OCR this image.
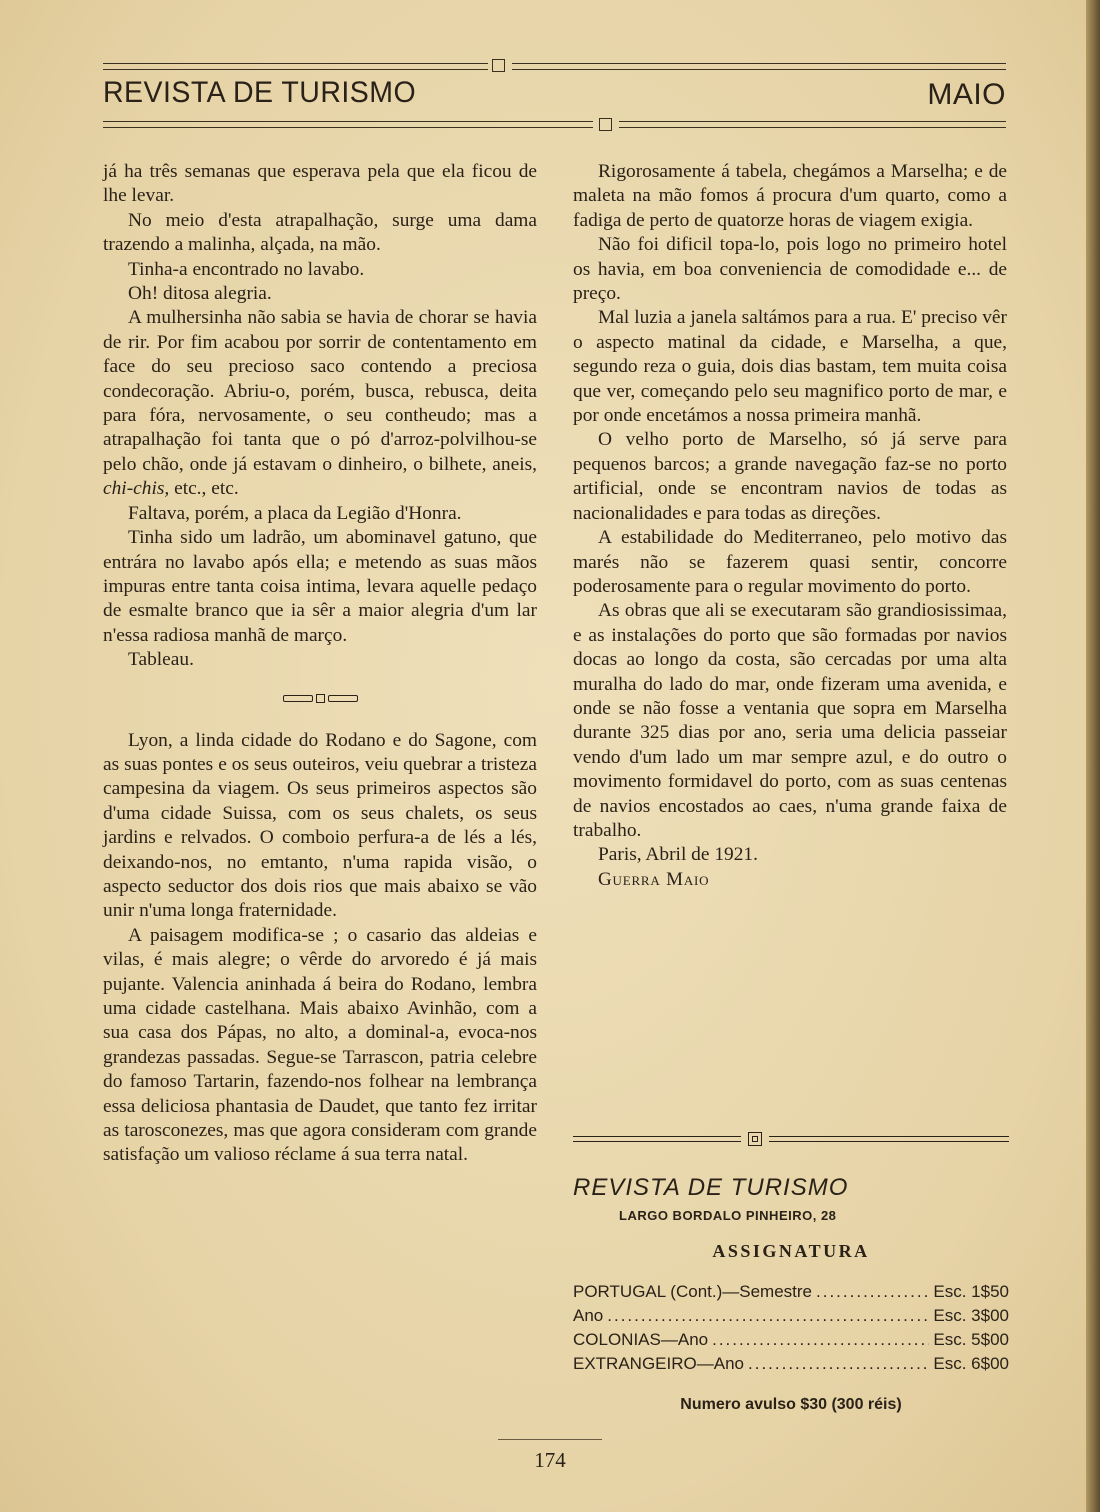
REVISTA DE TURISMO	MAIO

já ha três semanas que esperava pela que ela ficou de lhe levar.

No meio d'esta atrapalhação, surge uma dama trazendo a malinha, alçada, na mão.

Tinha-a encontrado no lavabo.

Oh! ditosa alegria.

A mulhersinha não sabia se havia de chorar se havia de rir. Por fim acabou por sorrir de contentamento em face do seu precioso saco contendo a preciosa condecoração. Abriu-o, porém, busca, rebusca, deita para fóra, nervosamente, o seu contheudo; mas a atrapalhação foi tanta que o pó d'arroz-polvilhou-se pelo chão, onde já estavam o dinheiro, o bilhete, aneis, chi-chis, etc., etc.

Faltava, porém, a placa da Legião d'Honra.

Tinha sido um ladrão, um abominavel gatuno, que entrára no lavabo após ella; e metendo as suas mãos impuras entre tanta coisa intima, levara aquelle pedaço de esmalte branco que ia sêr a maior alegria d'um lar n'essa radiosa manhã de março.

Tableau.

Lyon, a linda cidade do Rodano e do Sagone, com as suas pontes e os seus outeiros, veiu quebrar a tristeza campesina da viagem. Os seus primeiros aspectos são d'uma cidade Suissa, com os seus chalets, os seus jardins e relvados. O comboio perfura-a de lés a lés, deixando-nos, no emtanto, n'uma rapida visão, o aspecto seductor dos dois rios que mais abaixo se vão unir n'uma longa fraternidade.

A paisagem modifica-se ; o casario das aldeias e vilas, é mais alegre; o vêrde do arvoredo é já mais pujante. Valencia aninhada á beira do Rodano, lembra uma cidade castelhana. Mais abaixo Avinhão, com a sua casa dos Pápas, no alto, a dominal-a, evoca-nos grandezas passadas. Segue-se Tarrascon, patria celebre do famoso Tartarin, fazendo-nos folhear na lembrança essa deliciosa phantasia de Daudet, que tanto fez irritar as tarosconezes, mas que agora consideram com grande satisfação um valioso réclame á sua terra natal.

Rigorosamente á tabela, chegámos a Marselha; e de maleta na mão fomos á procura d'um quarto, como a fadiga de perto de quatorze horas de viagem exigia.

Não foi dificil topa-lo, pois logo no primeiro hotel os havia, em boa conveniencia de comodidade e... de preço.

Mal luzia a janela saltámos para a rua. E' preciso vêr o aspecto matinal da cidade, e Marselha, a que, segundo reza o guia, dois dias bastam, tem muita coisa que ver, começando pelo seu magnifico porto de mar, e por onde encetámos a nossa primeira manhã.

O velho porto de Marselho, só já serve para pequenos barcos; a grande navegação faz-se no porto artificial, onde se encontram navios de todas as nacionalidades e para todas as direções.

A estabilidade do Mediterraneo, pelo motivo das marés não se fazerem quasi sentir, concorre poderosamente para o regular movimento do porto.

As obras que ali se executaram são grandiosissimaa, e as instalações do porto que são formadas por navios docas ao longo da costa, são cercadas por uma alta muralha do lado do mar, onde fizeram uma avenida, e onde se não fosse a ventania que sopra em Marselha durante 325 dias por ano, seria uma delicia passeiar vendo d'um lado um mar sempre azul, e do outro o movimento formidavel do porto, com as suas centenas de navios encostados ao caes, n'uma grande faixa de trabalho.

Paris, Abril de 1921.

Guerra Maio

REVISTA DE TURISMO
LARGO BORDALO PINHEIRO, 28
ASSIGNATURA
PORTUGAL (Cont.)—Semestre .....	Esc. 1$50
Ano .....	Esc. 3$00
COLONIAS—Ano .....	Esc. 5$00
EXTRANGEIRO—Ano .....	Esc. 6$00
Numero avulso $30 (300 réis)
174
